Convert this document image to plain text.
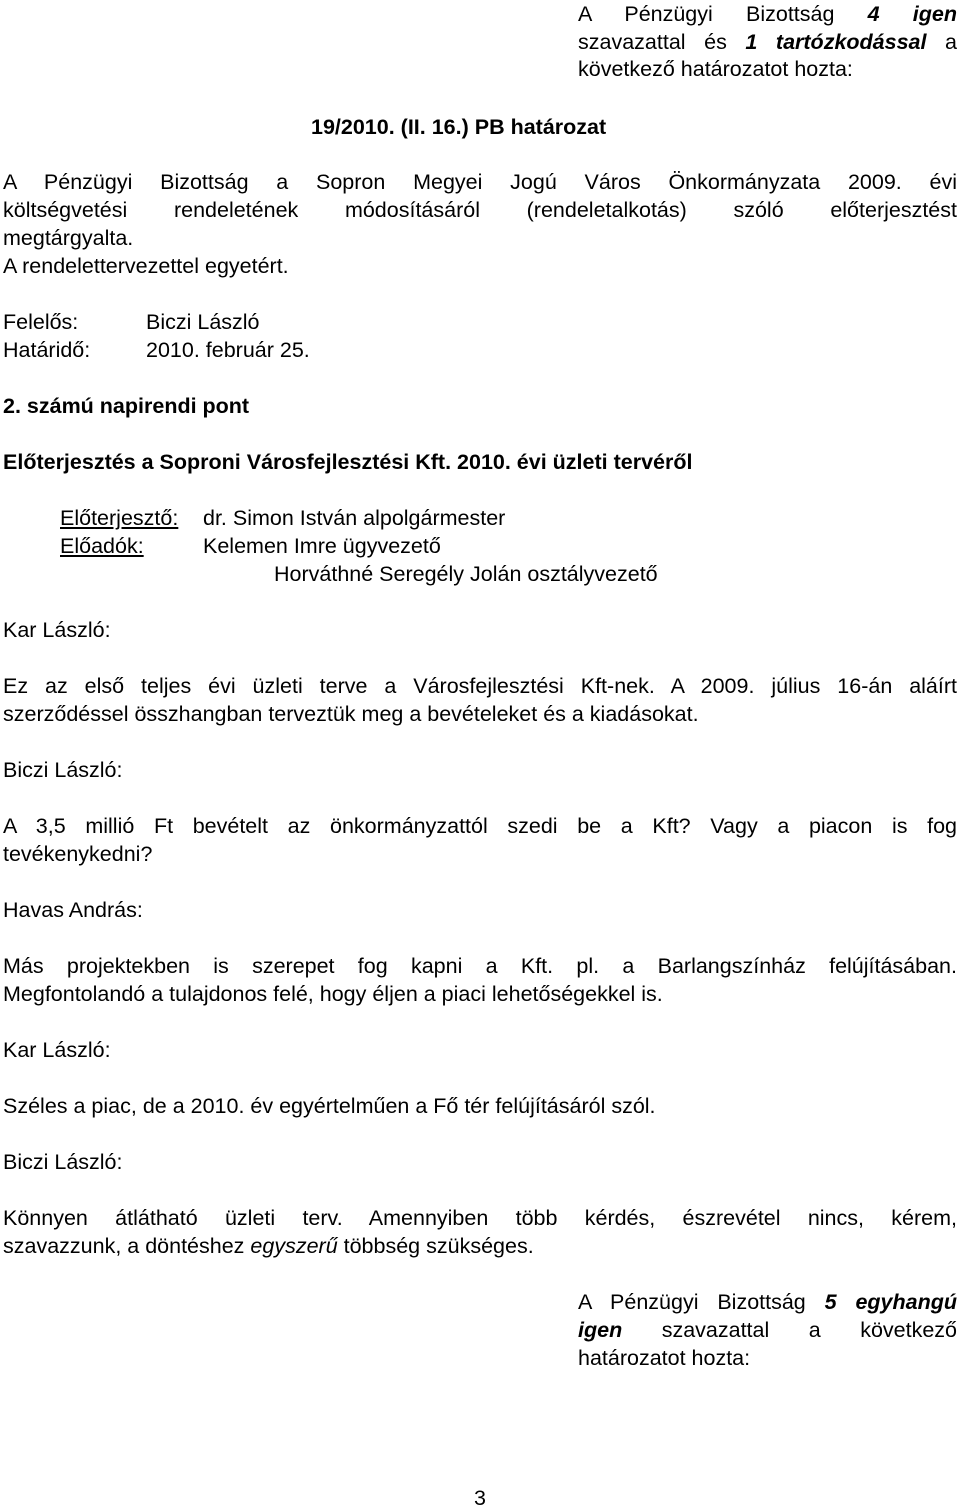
A Pénzügyi Bizottság 4 igen
szavazattal és 1 tartózkodással a
következő határozatot hozta:
19/2010. (II. 16.) PB határozat
A Pénzügyi Bizottság a Sopron Megyei Jogú Város Önkormányzata 2009. évi
költségvetési rendeletének módosításáról (rendeletalkotás) szóló előterjesztést
megtárgyalta.
A rendelettervezettel egyetért.
Felelős:	Biczi László
Határidő:	2010. február 25.
2. számú napirendi pont
Előterjesztés a Soproni Városfejlesztési Kft. 2010. évi üzleti tervéről
Előterjesztő: dr. Simon István alpolgármester
Előadók:	Kelemen Imre ügyvezető
Horváthné Seregély Jolán osztályvezető
Kar László:
Ez az első teljes évi üzleti terve a Városfejlesztési Kft-nek. A 2009. július 16-án aláírt
szerződéssel összhangban terveztük meg a bevételeket és a kiadásokat.
Biczi László:
A 3,5 millió Ft bevételt az önkormányzattól szedi be a Kft? Vagy a piacon is fog
tevékenykedni?
Havas András:
Más projektekben is szerepet fog kapni a Kft. pl. a Barlangszínház felújításában.
Megfontolandó a tulajdonos felé, hogy éljen a piaci lehetőségekkel is.
Kar László:
Széles a piac, de a 2010. év egyértelműen a Fő tér felújításáról szól.
Biczi László:
Könnyen átlátható üzleti terv. Amennyiben több kérdés, észrevétel nincs, kérem,
szavazzunk, a döntéshez egyszerű többség szükséges.
A Pénzügyi Bizottság 5 egyhangú
igen szavazattal a következő
határozatot hozta:
3
